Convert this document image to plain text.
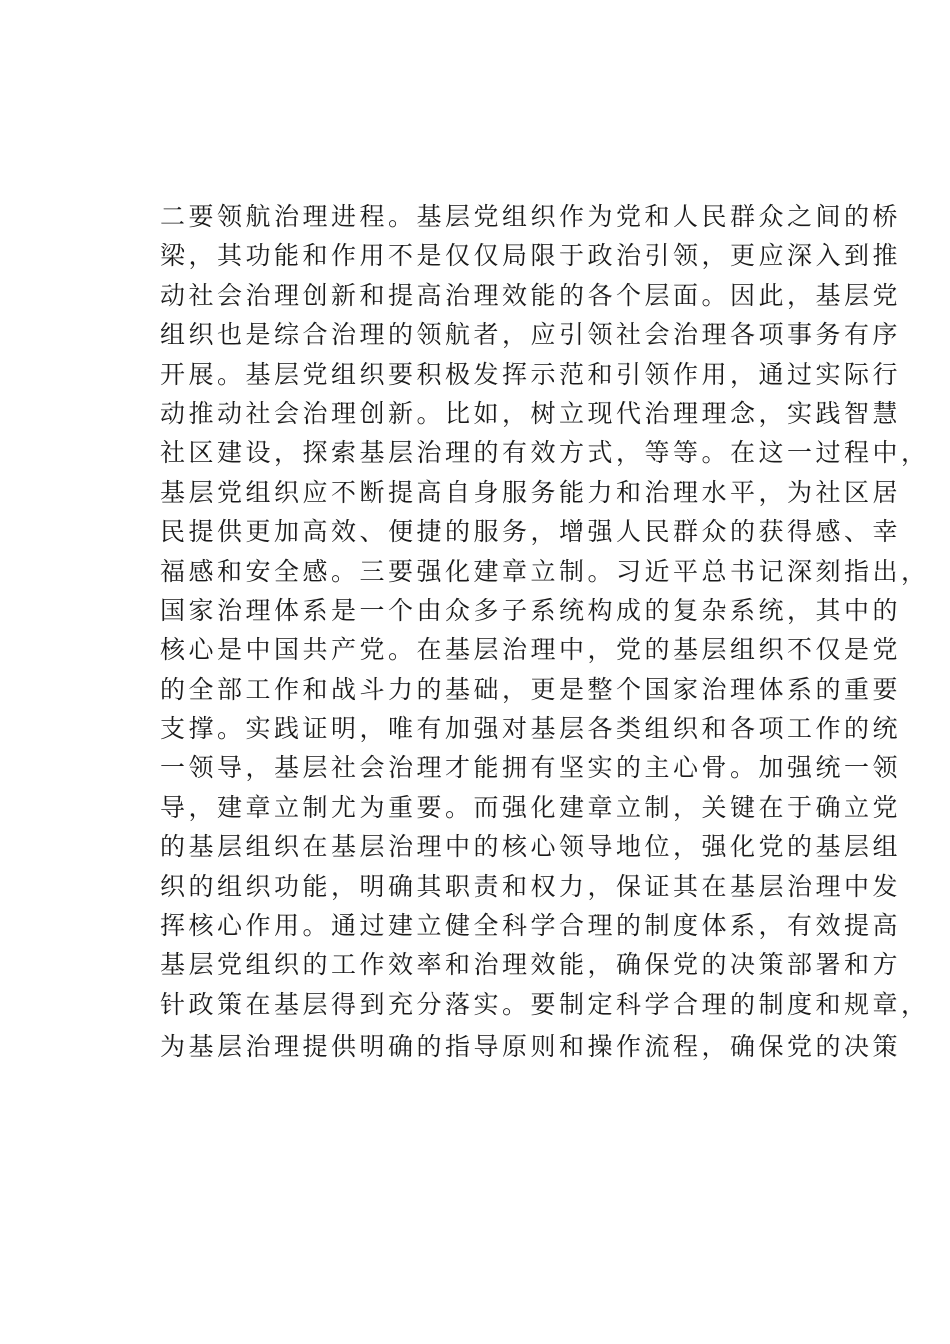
二要领航治理进程。基层党组织作为党和人民群众之间的桥
梁，其功能和作用不是仅仅局限于政治引领，更应深入到推
动社会治理创新和提高治理效能的各个层面。因此，基层党
组织也是综合治理的领航者，应引领社会治理各项事务有序
开展。基层党组织要积极发挥示范和引领作用，通过实际行
动推动社会治理创新。比如，树立现代治理理念，实践智慧
社区建设，探索基层治理的有效方式，等等。在这一过程中，
基层党组织应不断提高自身服务能力和治理水平，为社区居
民提供更加高效、便捷的服务，增强人民群众的获得感、幸
福感和安全感。三要强化建章立制。习近平总书记深刻指出，
国家治理体系是一个由众多子系统构成的复杂系统，其中的
核心是中国共产党。在基层治理中，党的基层组织不仅是党
的全部工作和战斗力的基础，更是整个国家治理体系的重要
支撑。实践证明，唯有加强对基层各类组织和各项工作的统
一领导，基层社会治理才能拥有坚实的主心骨。加强统一领
导，建章立制尤为重要。而强化建章立制，关键在于确立党
的基层组织在基层治理中的核心领导地位，强化党的基层组
织的组织功能，明确其职责和权力，保证其在基层治理中发
挥核心作用。通过建立健全科学合理的制度体系，有效提高
基层党组织的工作效率和治理效能，确保党的决策部署和方
针政策在基层得到充分落实。要制定科学合理的制度和规章，
为基层治理提供明确的指导原则和操作流程，确保党的决策
